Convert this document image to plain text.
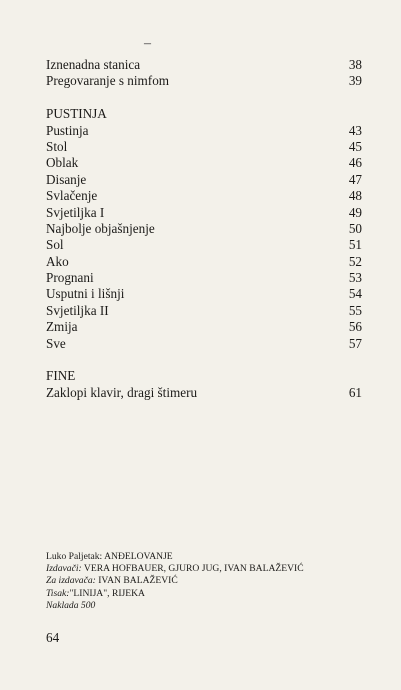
–
Iznenadna stanica	38
Pregovaranje s nimfom	39
PUSTINJA
Pustinja	43
Stol	45
Oblak	46
Disanje	47
Svlačenje	48
Svjetiljka I	49
Najbolje objašnjenje	50
Sol	51
Ako	52
Prognani	53
Usputni i lišnji	54
Svjetiljka II	55
Zmija	56
Sve	57
FINE
Zaklopi klavir, dragi štimeru	61
Luko Paljetak: ANĐELOVANJE
Izdavači: VERA HOFBAUER, GJURO JUG, IVAN BALAŽEVIĆ
Za izdavača: IVAN BALAŽEVIĆ
Tisak:"LINIJA", RIJEKA
Naklada 500
64
